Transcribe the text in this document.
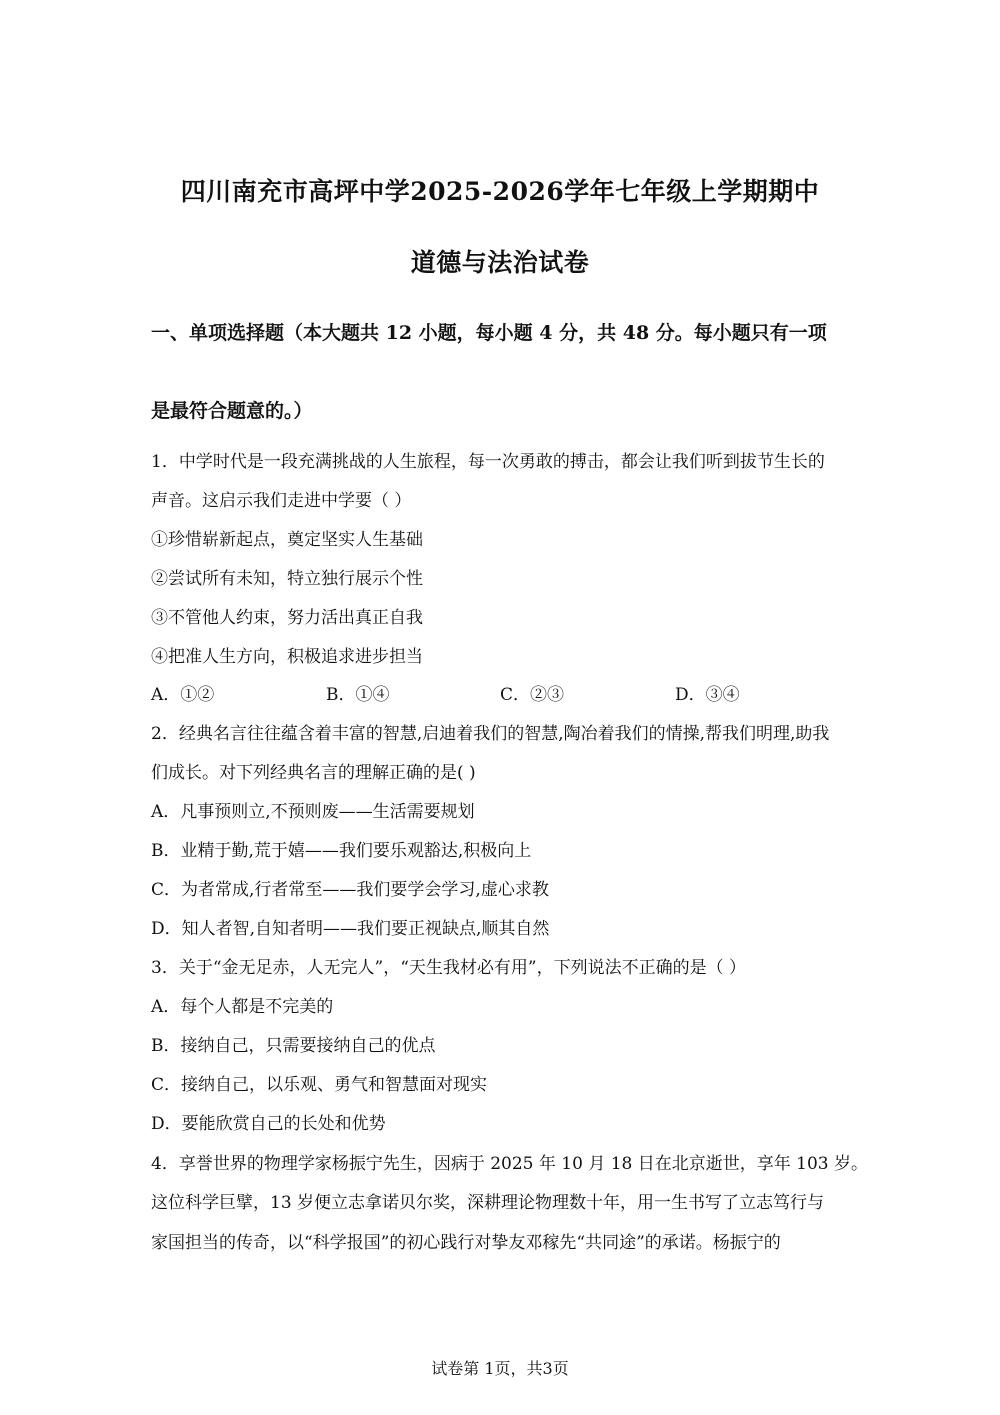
四川南充市高坪中学2025-2026学年七年级上学期期中
道德与法治试卷
一、单项选择题（本大题共 12 小题，每小题 4 分，共 48 分。每小题只有一项
是最符合题意的。）
1．中学时代是一段充满挑战的人生旅程，每一次勇敢的搏击，都会让我们听到拔节生长的
声音。这启示我们走进中学要（ ）
①珍惜崭新起点，奠定坚实人生基础
②尝试所有未知，特立独行展示个性
③不管他人约束，努力活出真正自我
④把准人生方向，积极追求进步担当
A．①②	B．①④	C．②③	D．③④
2．经典名言往往蕴含着丰富的智慧,启迪着我们的智慧,陶冶着我们的情操,帮我们明理,助我
们成长。对下列经典名言的理解正确的是( )
A．凡事预则立,不预则废——生活需要规划
B．业精于勤,荒于嬉——我们要乐观豁达,积极向上
C．为者常成,行者常至——我们要学会学习,虚心求教
D．知人者智,自知者明——我们要正视缺点,顺其自然
3．关于“金无足赤，人无完人”，“天生我材必有用”，下列说法不正确的是（ ）
A．每个人都是不完美的
B．接纳自己，只需要接纳自己的优点
C．接纳自己，以乐观、勇气和智慧面对现实
D．要能欣赏自己的长处和优势
4．享誉世界的物理学家杨振宁先生，因病于 2025 年 10 月 18 日在北京逝世，享年 103 岁。
这位科学巨擘，13 岁便立志拿诺贝尔奖，深耕理论物理数十年，用一生书写了立志笃行与
家国担当的传奇，以“科学报国”的初心践行对挚友邓稼先“共同途”的承诺。杨振宁的
试卷第 1页，共3页
